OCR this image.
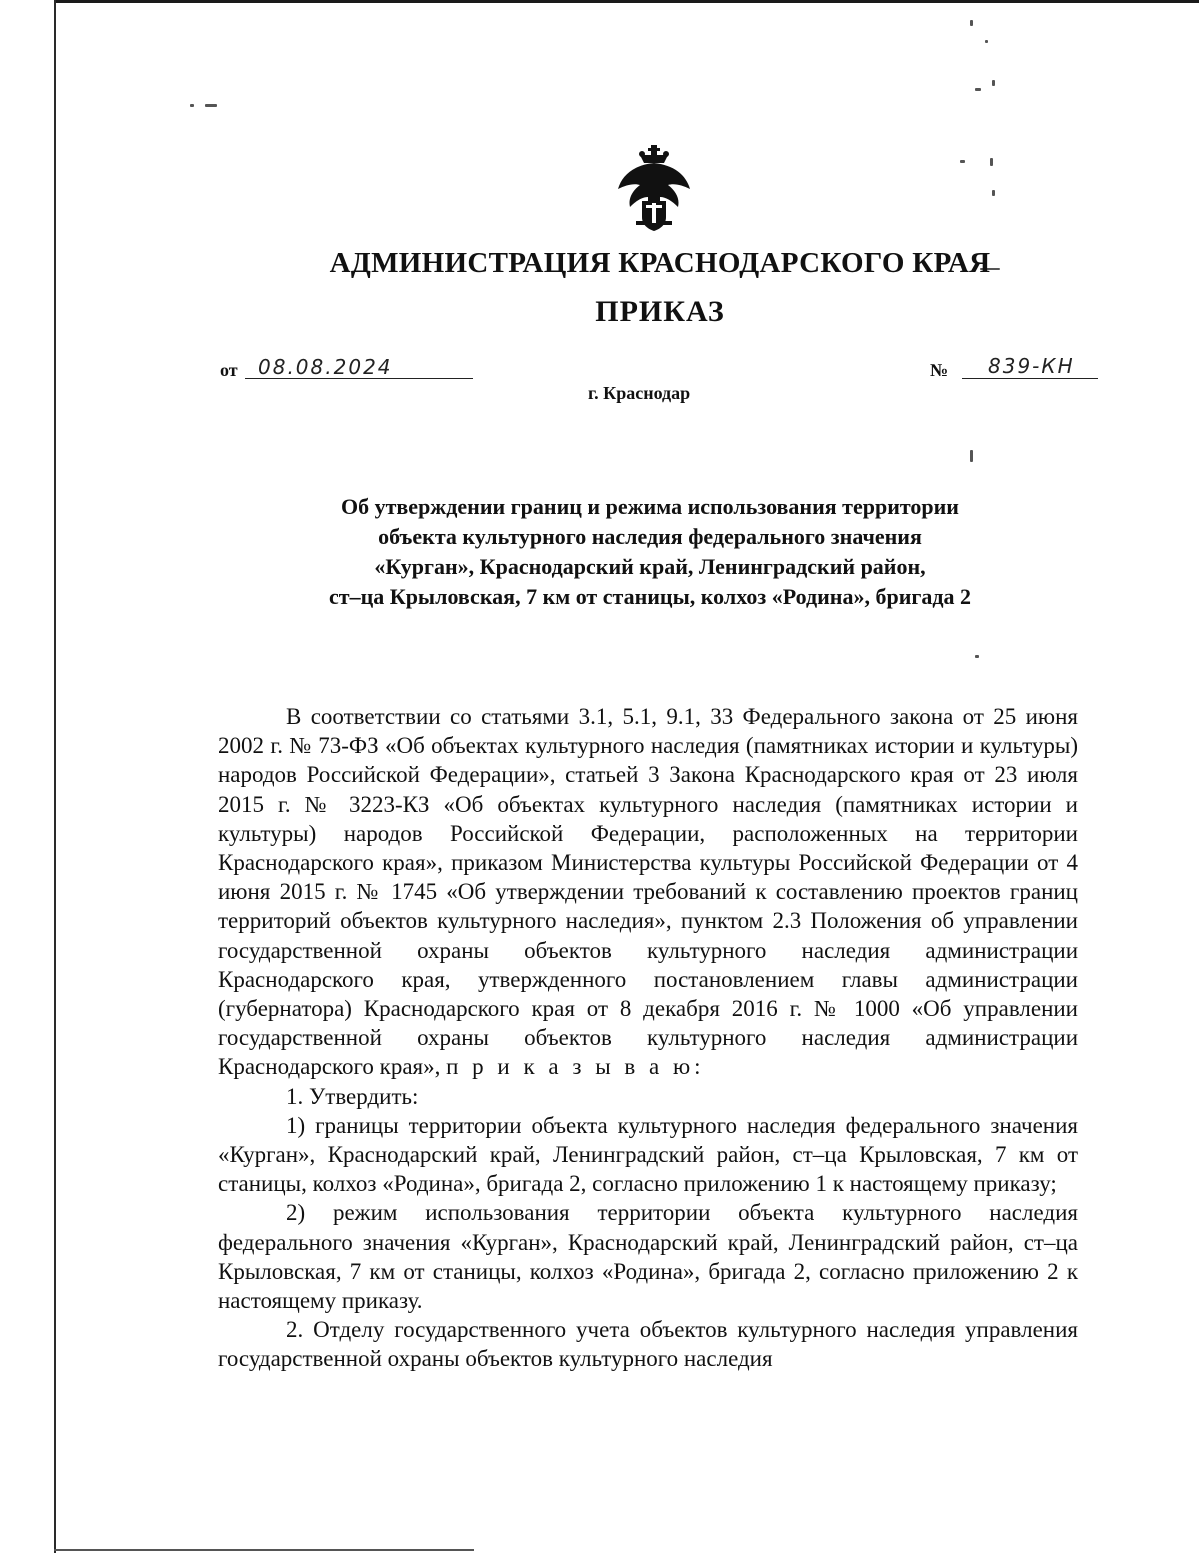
АДМИНИСТРАЦИЯ КРАСНОДАРСКОГО КРАЯ
ПРИКАЗ
от 08.08.2024
г. Краснодар
№ 839-КН
Об утверждении границ и режима использования территории
объекта культурного наследия федерального значения
«Курган», Краснодарский край, Ленинградский район,
ст–ца Крыловская, 7 км от станицы, колхоз «Родина», бригада 2

В соответствии со статьями 3.1, 5.1, 9.1, 33 Федерального закона от 25 июня 2002 г. № 73-ФЗ «Об объектах культурного наследия (памятниках истории и культуры) народов Российской Федерации», статьей 3 Закона Краснодарского края от 23 июля 2015 г. № 3223-КЗ «Об объектах культурного наследия (памятниках истории и культуры) народов Российской Федерации, расположенных на территории Краснодарского края», приказом Министерства культуры Российской Федерации от 4 июня 2015 г. № 1745 «Об утверждении требований к составлению проектов границ территорий объектов культурного наследия», пунктом 2.3 Положения об управлении государственной охраны объектов культурного наследия администрации Краснодарского края, утвержденного постановлением главы администрации (губернатора) Краснодарского края от 8 декабря 2016 г. № 1000 «Об управлении государственной охраны объектов культурного наследия администрации Краснодарского края», п р и к а з ы в а ю:

1. Утвердить:

1) границы территории объекта культурного наследия федерального значения «Курган», Краснодарский край, Ленинградский район, ст–ца Крыловская, 7 км от станицы, колхоз «Родина», бригада 2, согласно приложению 1 к настоящему приказу;

2) режим использования территории объекта культурного наследия федерального значения «Курган», Краснодарский край, Ленинградский район, ст–ца Крыловская, 7 км от станицы, колхоз «Родина», бригада 2, согласно приложению 2 к настоящему приказу.

2. Отделу государственного учета объектов культурного наследия управления государственной охраны объектов культурного наследия
